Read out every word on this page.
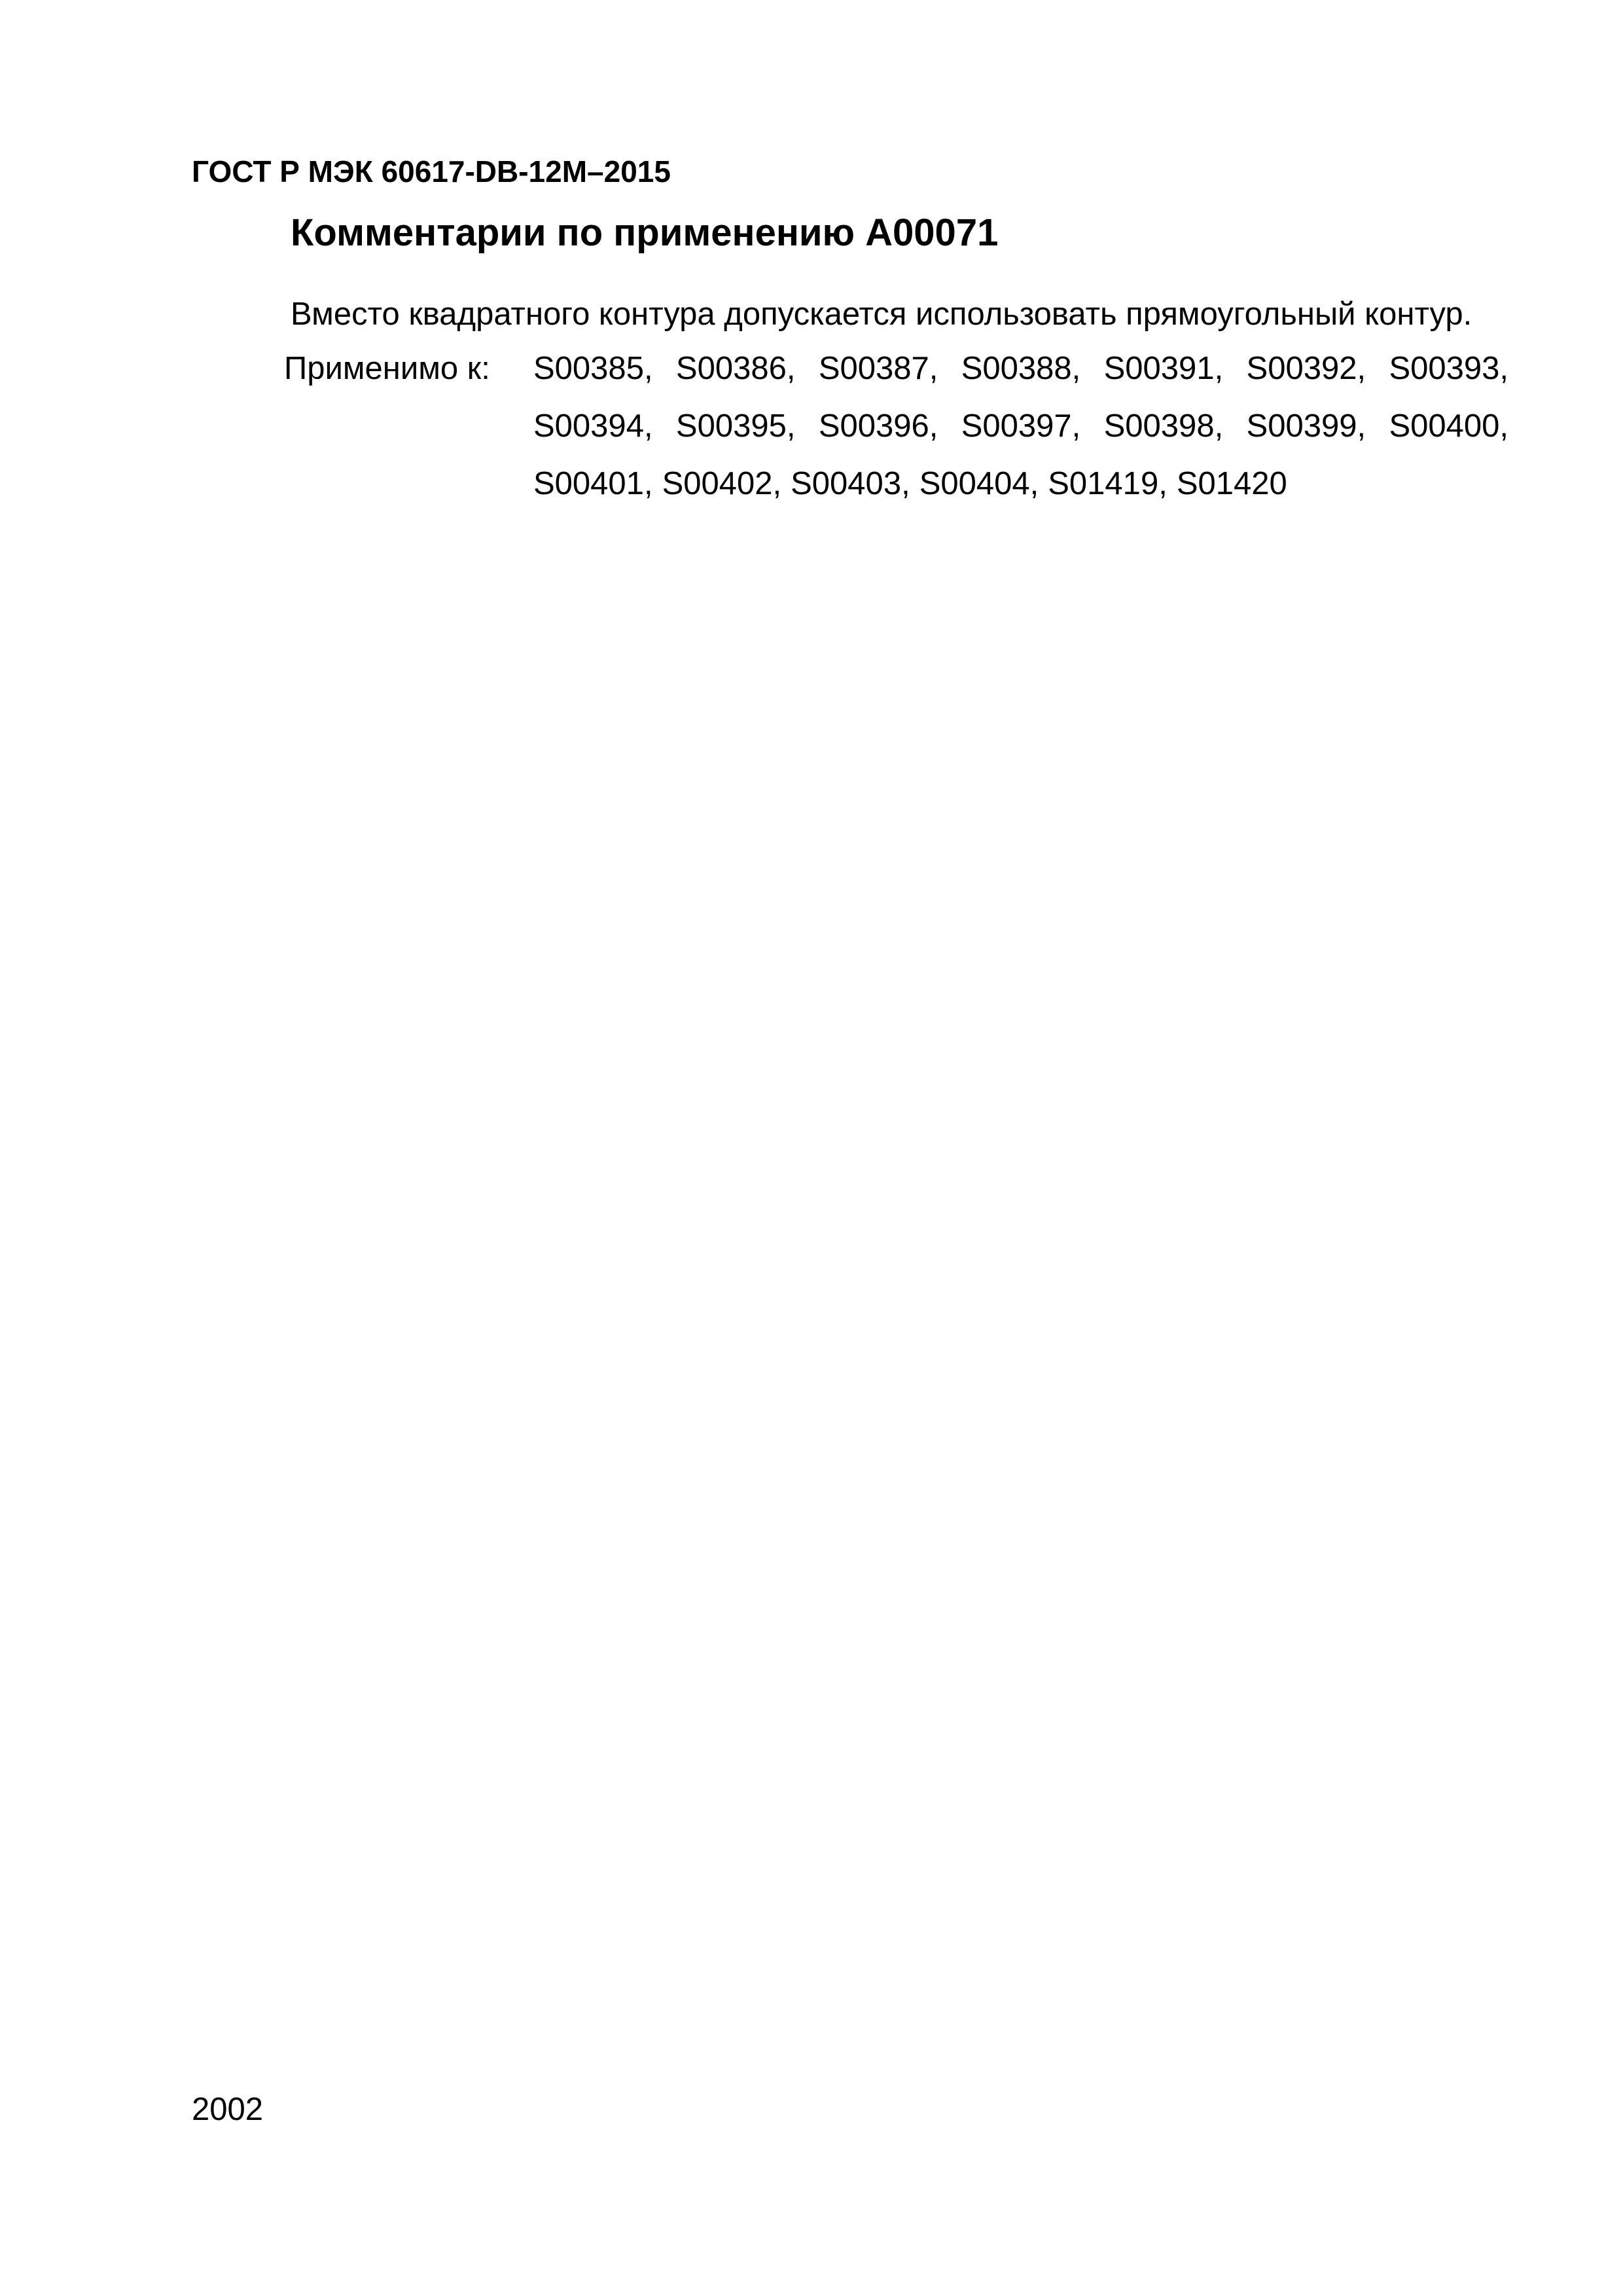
ГОСТ Р МЭК 60617-DB-12M–2015
Комментарии по применению A00071
Вместо квадратного контура допускается использовать прямоугольный контур.
Применимо к: S00385, S00386, S00387, S00388, S00391, S00392, S00393,
S00394, S00395, S00396, S00397, S00398, S00399, S00400,
S00401, S00402, S00403, S00404, S01419, S01420
2002
